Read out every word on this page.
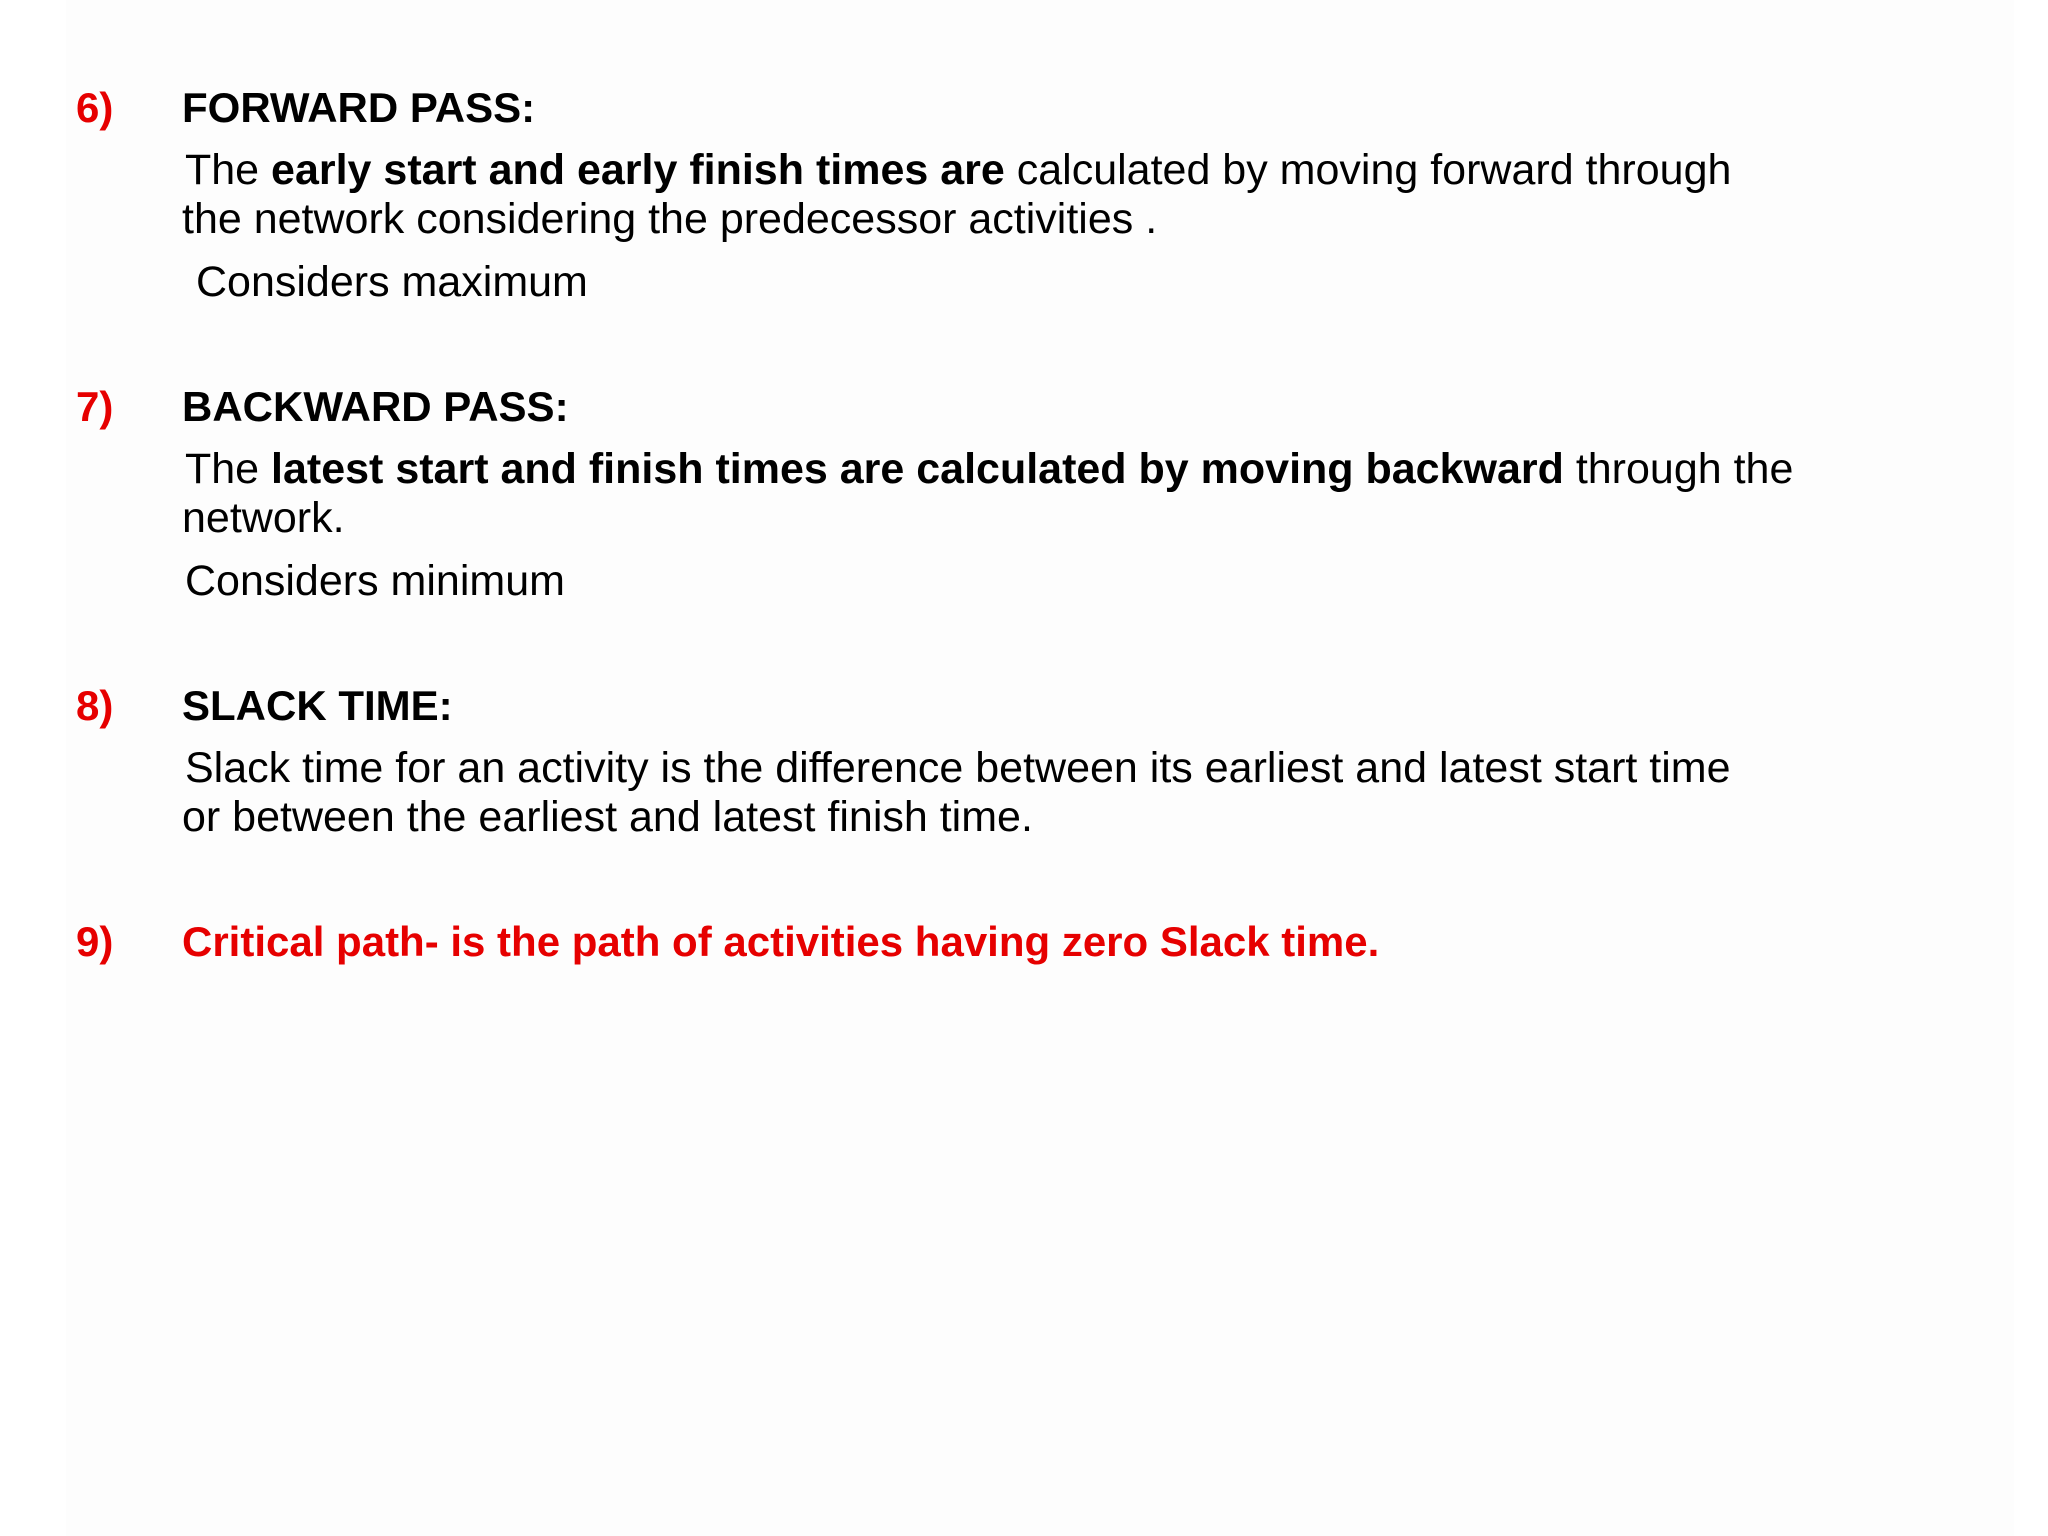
6) FORWARD PASS:
The early start and early finish times are calculated by moving forward through
the network considering the predecessor activities .
Considers maximum
7) BACKWARD PASS:
The latest start and finish times are calculated by moving backward through the
network.
Considers minimum
8) SLACK TIME:
Slack time for an activity is the difference between its earliest and latest start time
or between the earliest and latest finish time.
9) Critical path- is the path of activities having zero Slack time.
